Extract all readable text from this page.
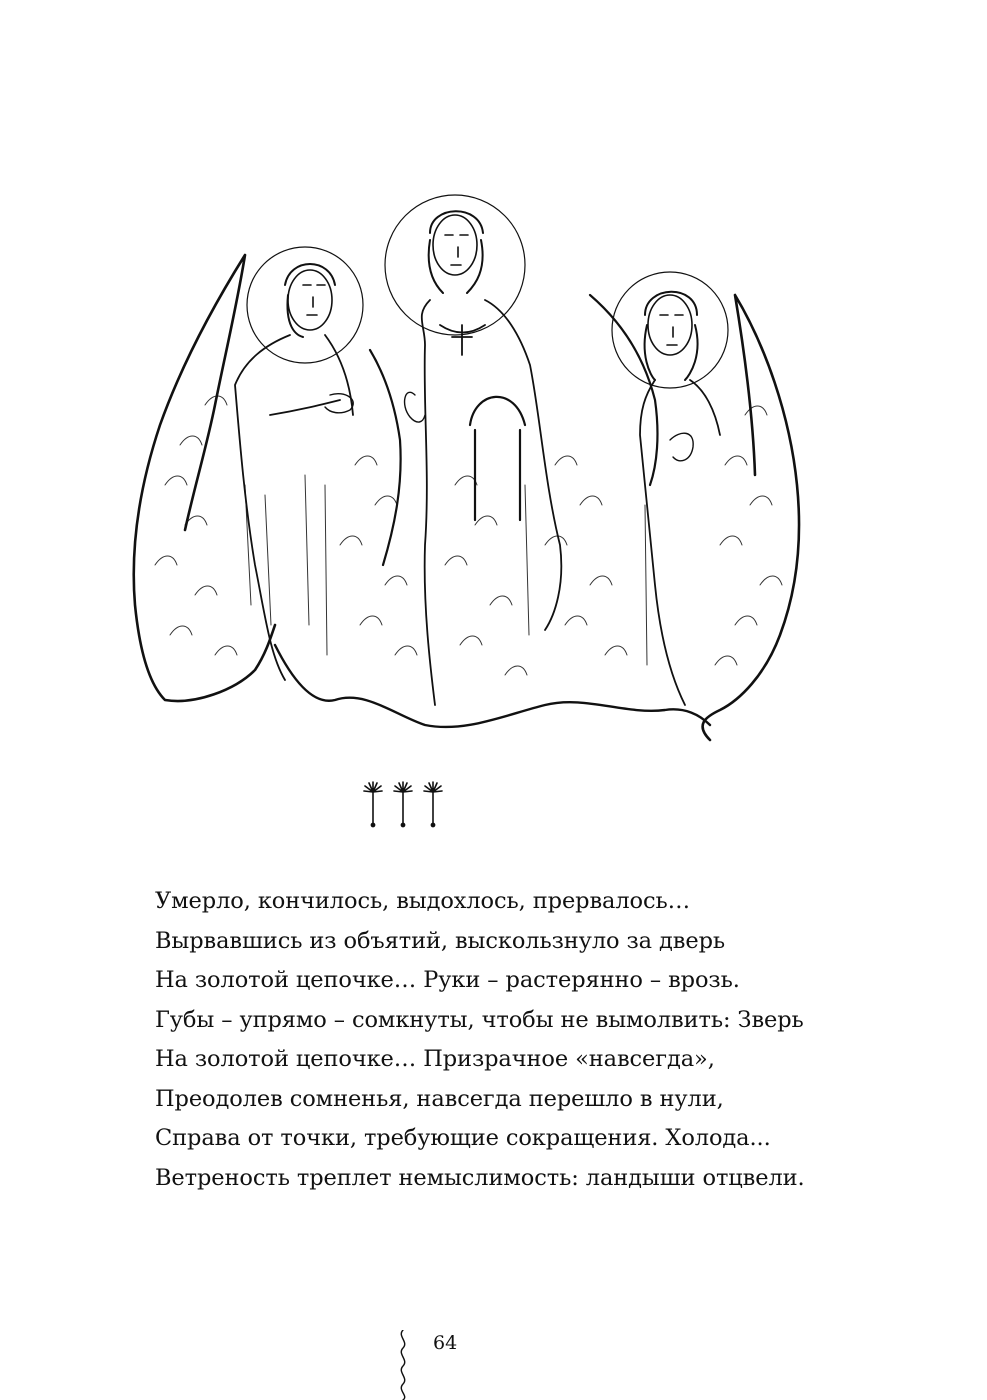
Умерло, кончилось, выдохлось, прервалось…
Вырвавшись из объятий, выскользнуло за дверь
На золотой цепочке… Руки – растерянно – врозь.
Губы – упрямо – сомкнуты, чтобы не вымолвить: Зверь
На золотой цепочке… Призрачное «навсегда»,
Преодолев сомненья, навсегда перешло в нули,
Справа от точки, требующие сокращения. Холода...
Ветреность треплет немыслимость: ландыши отцвели.
64
